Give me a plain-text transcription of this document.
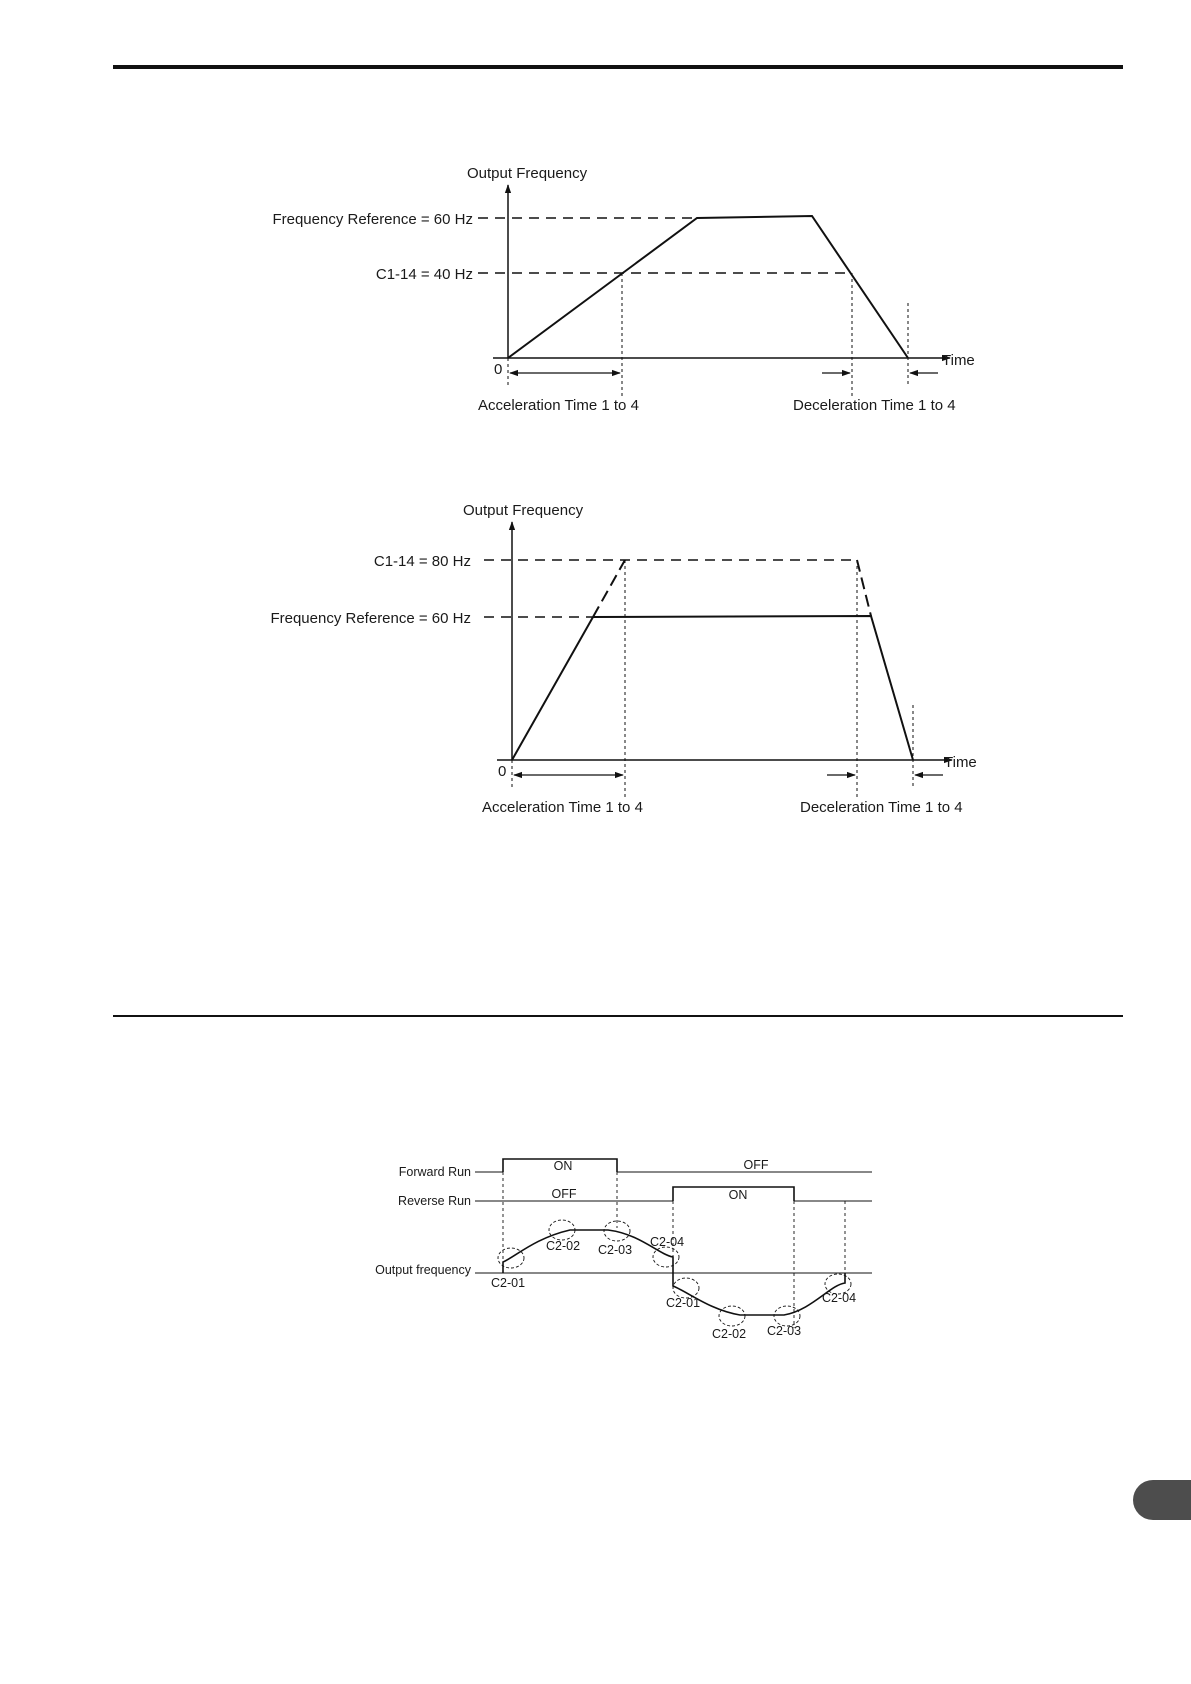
Output Frequency
Frequency Reference = 60 Hz
C1-14 = 40 Hz
0
Time
Acceleration Time 1 to 4	Deceleration Time 1 to 4
Output Frequency
C1-14 = 80 Hz
Frequency Reference = 60 Hz
0
Time
Acceleration Time 1 to 4	Deceleration Time 1 to 4
Forward Run
Reverse Run
Output frequency
ON	OFF
OFF	ON
C2-01
C2-02 C2-03
C2-04
C2-01
C2-02 C2-03
C2-04
